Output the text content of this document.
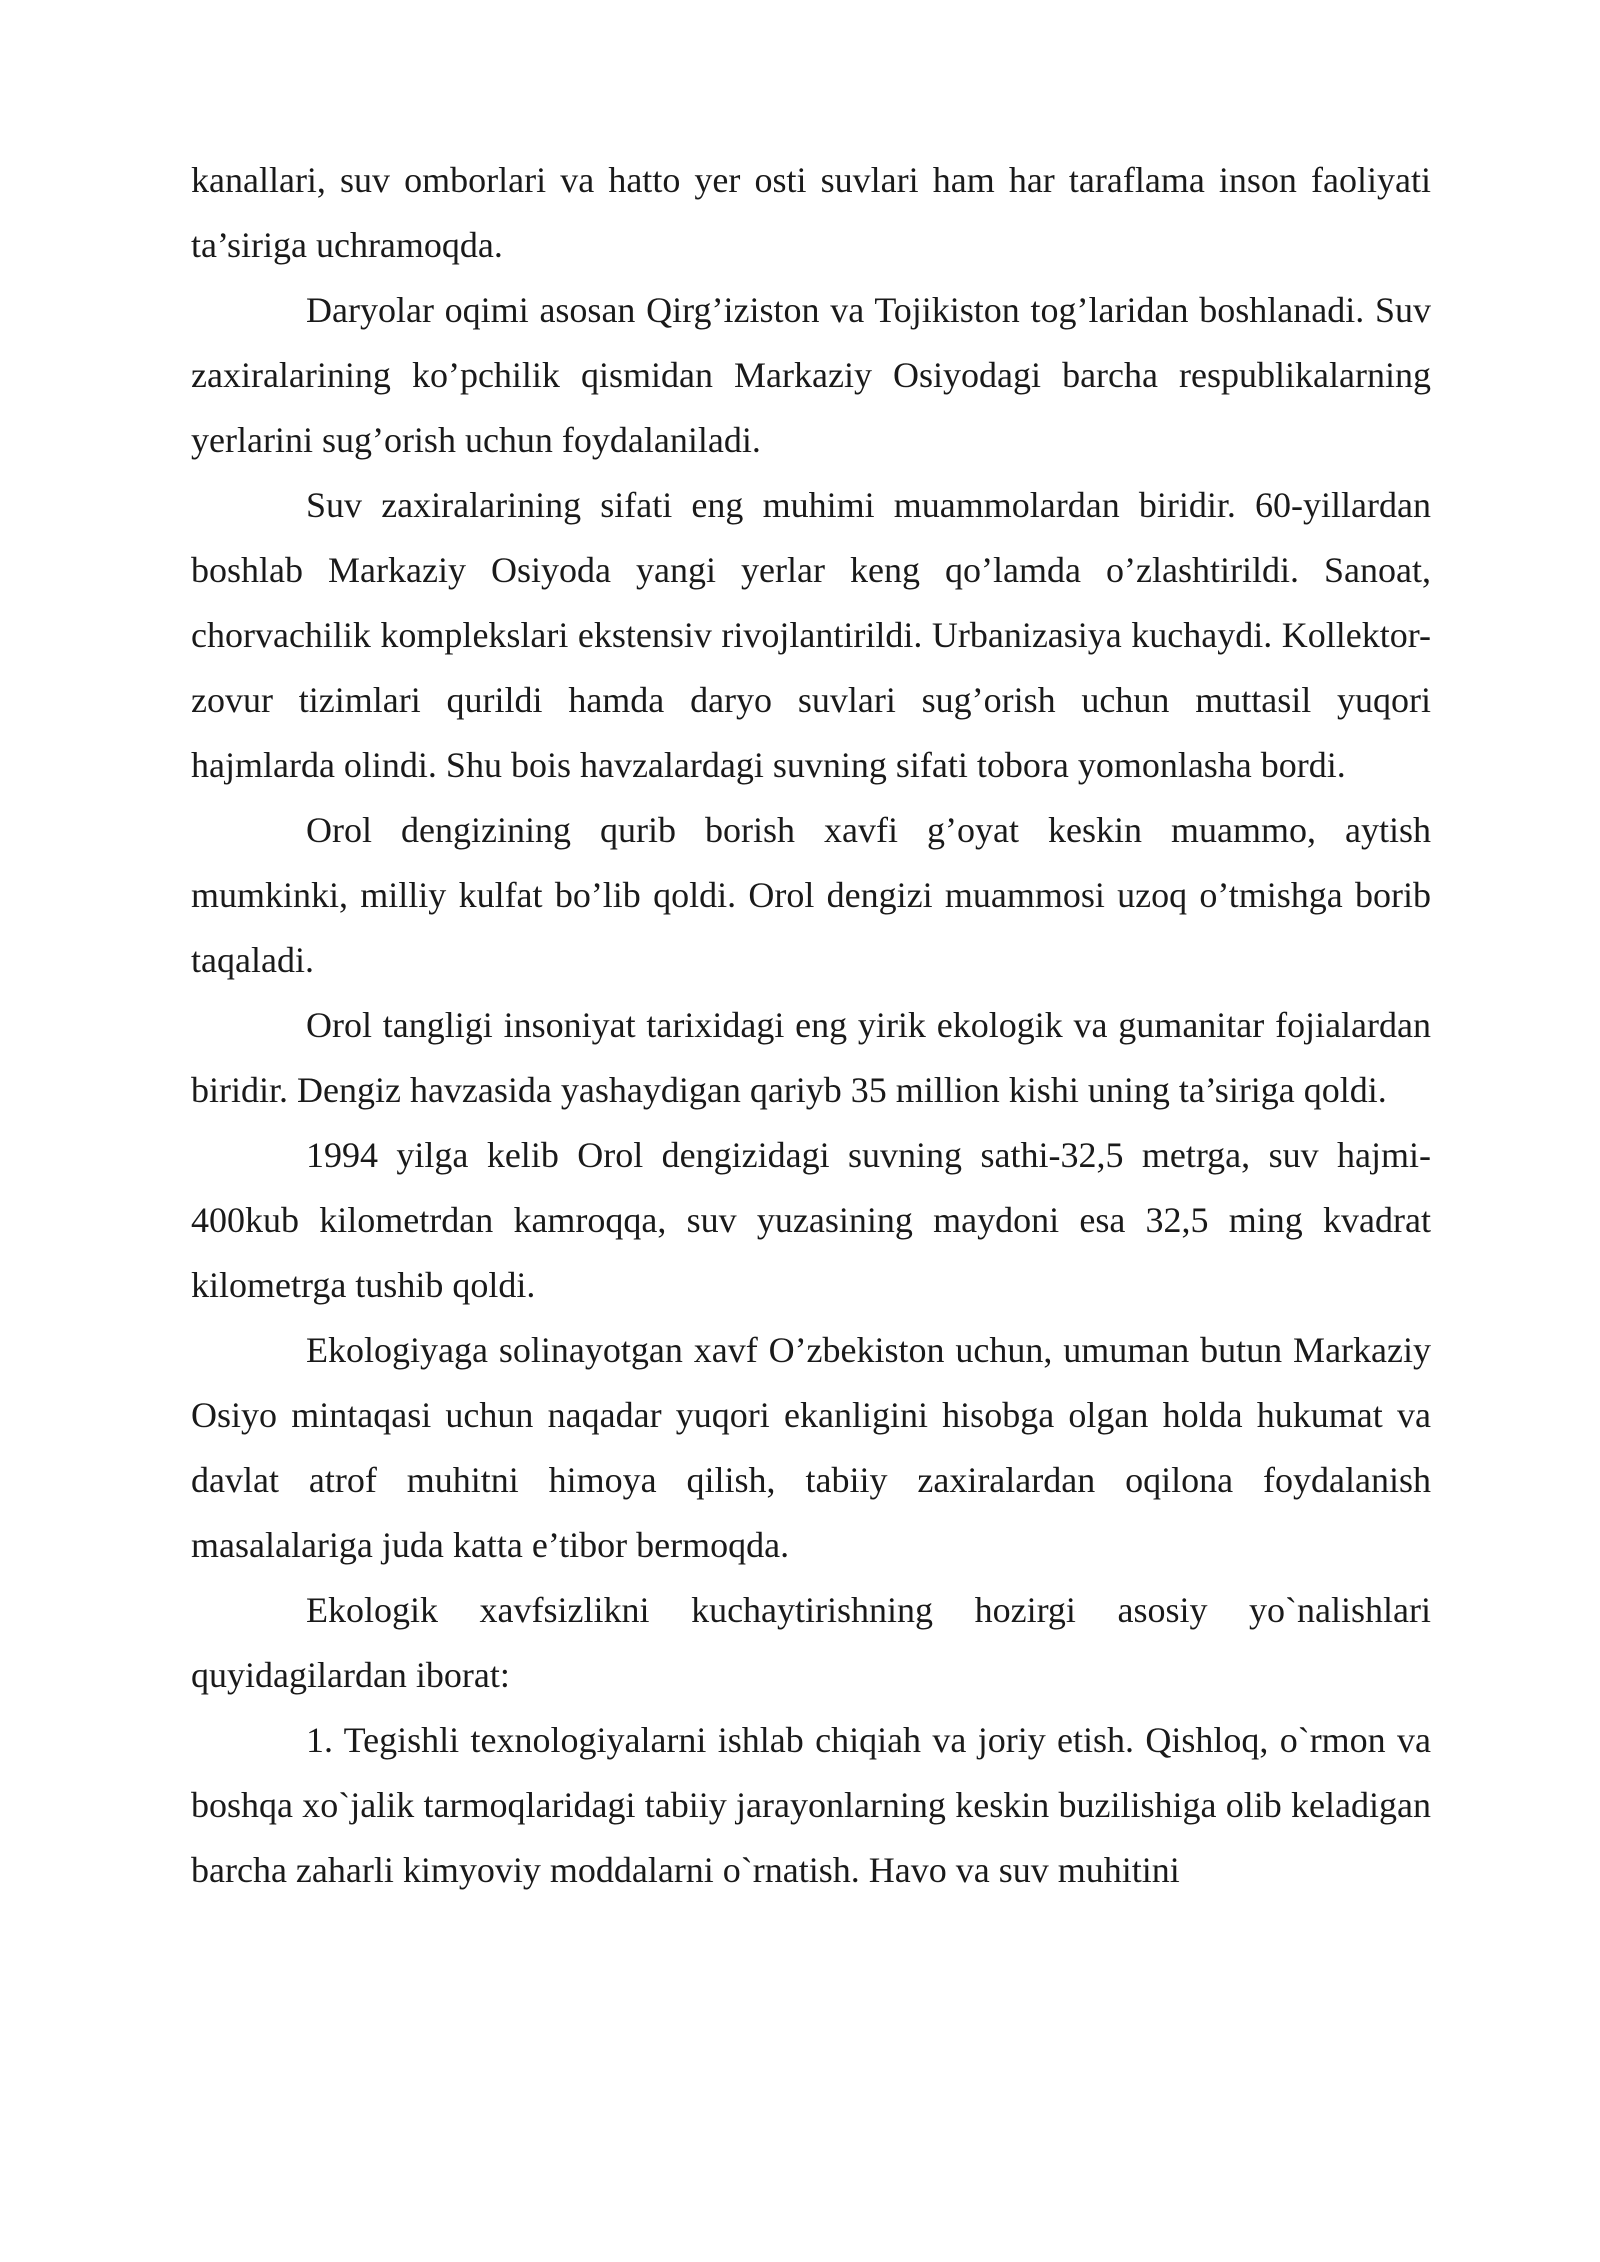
kanallari, suv omborlari va hatto yer osti suvlari ham har taraflama inson faoliyati ta’siriga uchramoqda.

Daryolar oqimi asosan Qirg’iziston va Tojikiston tog’laridan boshlanadi. Suv zaxiralarining ko’pchilik qismidan Markaziy Osiyodagi barcha respublikalarning yerlarini sug’orish uchun foydalaniladi.

Suv zaxiralarining sifati eng muhimi muammolardan biridir. 60-yillardan boshlab Markaziy Osiyoda yangi yerlar keng qo’lamda o’zlashtirildi. Sanoat, chorvachilik komplekslari ekstensiv rivojlantirildi. Urbanizasiya kuchaydi. Kollektor-zovur tizimlari qurildi hamda daryo suvlari sug’orish uchun muttasil yuqori hajmlarda olindi. Shu bois havzalardagi suvning sifati tobora yomonlasha bordi.

Orol dengizining qurib borish xavfi g’oyat keskin muammo, aytish mumkinki, milliy kulfat bo’lib qoldi. Orol dengizi muammosi uzoq o’tmishga borib taqaladi.

Orol tangligi insoniyat tarixidagi eng yirik ekologik va gumanitar fojialardan biridir. Dengiz havzasida yashaydigan qariyb 35 million kishi uning ta’siriga qoldi.

1994 yilga kelib Orol dengizidagi suvning sathi-32,5 metrga, suv hajmi-400kub kilometrdan kamroqqa, suv yuzasining maydoni esa 32,5 ming kvadrat kilometrga tushib qoldi.

Ekologiyaga solinayotgan xavf O’zbekiston uchun, umuman butun Markaziy Osiyo mintaqasi uchun naqadar yuqori ekanligini hisobga olgan holda hukumat va davlat atrof muhitni himoya qilish, tabiiy zaxiralardan oqilona foydalanish masalalariga juda katta e’tibor bermoqda.

Ekologik xavfsizlikni kuchaytirishning hozirgi asosiy yo`nalishlari quyidagilardan iborat:

1. Tegishli texnologiyalarni ishlab chiqiah va joriy etish. Qishloq, o`rmon va boshqa xo`jalik tarmoqlaridagi tabiiy jarayonlarning keskin buzilishiga olib keladigan barcha zaharli kimyoviy moddalarni o`rnatish. Havo va suv muhitini
